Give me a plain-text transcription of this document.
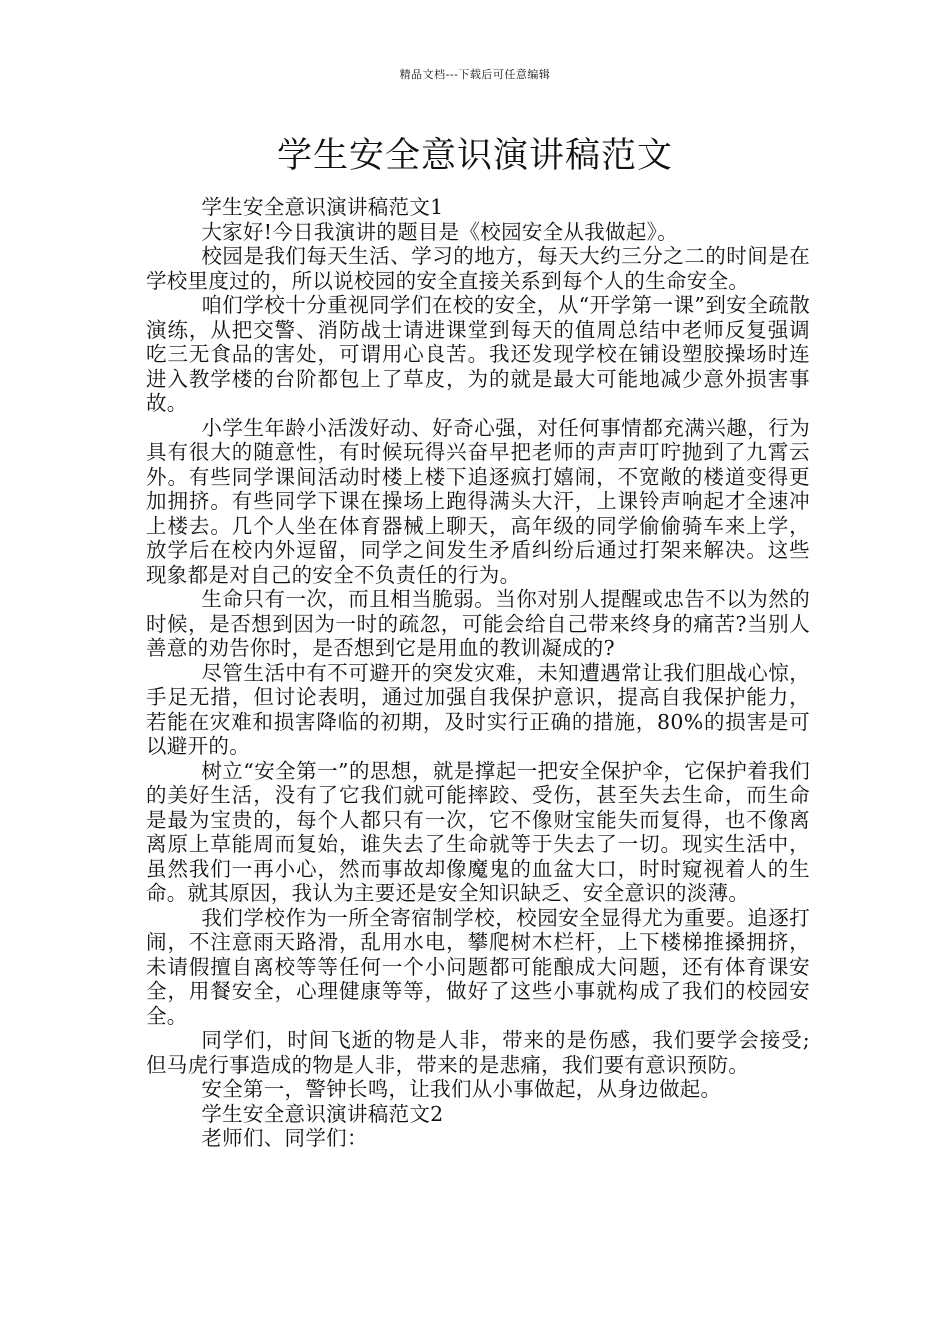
精品文档---下载后可任意编辑
学生安全意识演讲稿范文

学生安全意识演讲稿范文1

大家好!今日我演讲的题目是《校园安全从我做起》。

校园是我们每天生活、学习的地方，每天大约三分之二的时间是在学校里度过的，所以说校园的安全直接关系到每个人的生命安全。

咱们学校十分重视同学们在校的安全，从“开学第一课”到安全疏散演练，从把交警、消防战士请进课堂到每天的值周总结中老师反复强调吃三无食品的害处，可谓用心良苦。我还发现学校在铺设塑胶操场时连进入教学楼的台阶都包上了草皮，为的就是最大可能地减少意外损害事故。

小学生年龄小活泼好动、好奇心强，对任何事情都充满兴趣，行为具有很大的随意性，有时候玩得兴奋早把老师的声声叮咛抛到了九霄云外。有些同学课间活动时楼上楼下追逐疯打嬉闹，不宽敞的楼道变得更加拥挤。有些同学下课在操场上跑得满头大汗，上课铃声响起才全速冲上楼去。几个人坐在体育器械上聊天，高年级的同学偷偷骑车来上学，放学后在校内外逗留，同学之间发生矛盾纠纷后通过打架来解决。这些现象都是对自己的安全不负责任的行为。

生命只有一次，而且相当脆弱。当你对别人提醒或忠告不以为然的时候，是否想到因为一时的疏忽，可能会给自己带来终身的痛苦?当别人善意的劝告你时，是否想到它是用血的教训凝成的?

尽管生活中有不可避开的突发灾难，未知遭遇常让我们胆战心惊，手足无措，但讨论表明，通过加强自我保护意识，提高自我保护能力，若能在灾难和损害降临的初期，及时实行正确的措施，80%的损害是可以避开的。

树立“安全第一”的思想，就是撑起一把安全保护伞，它保护着我们的美好生活，没有了它我们就可能摔跤、受伤，甚至失去生命，而生命是最为宝贵的，每个人都只有一次，它不像财宝能失而复得，也不像离离原上草能周而复始，谁失去了生命就等于失去了一切。现实生活中，虽然我们一再小心，然而事故却像魔鬼的血盆大口，时时窥视着人的生命。就其原因，我认为主要还是安全知识缺乏、安全意识的淡薄。

我们学校作为一所全寄宿制学校，校园安全显得尤为重要。追逐打闹，不注意雨天路滑，乱用水电，攀爬树木栏杆，上下楼梯推搡拥挤，未请假擅自离校等等任何一个小问题都可能酿成大问题，还有体育课安全，用餐安全，心理健康等等，做好了这些小事就构成了我们的校园安全。

同学们，时间飞逝的物是人非，带来的是伤感，我们要学会接受;但马虎行事造成的物是人非，带来的是悲痛，我们要有意识预防。

安全第一，警钟长鸣，让我们从小事做起，从身边做起。

学生安全意识演讲稿范文2

老师们、同学们：
